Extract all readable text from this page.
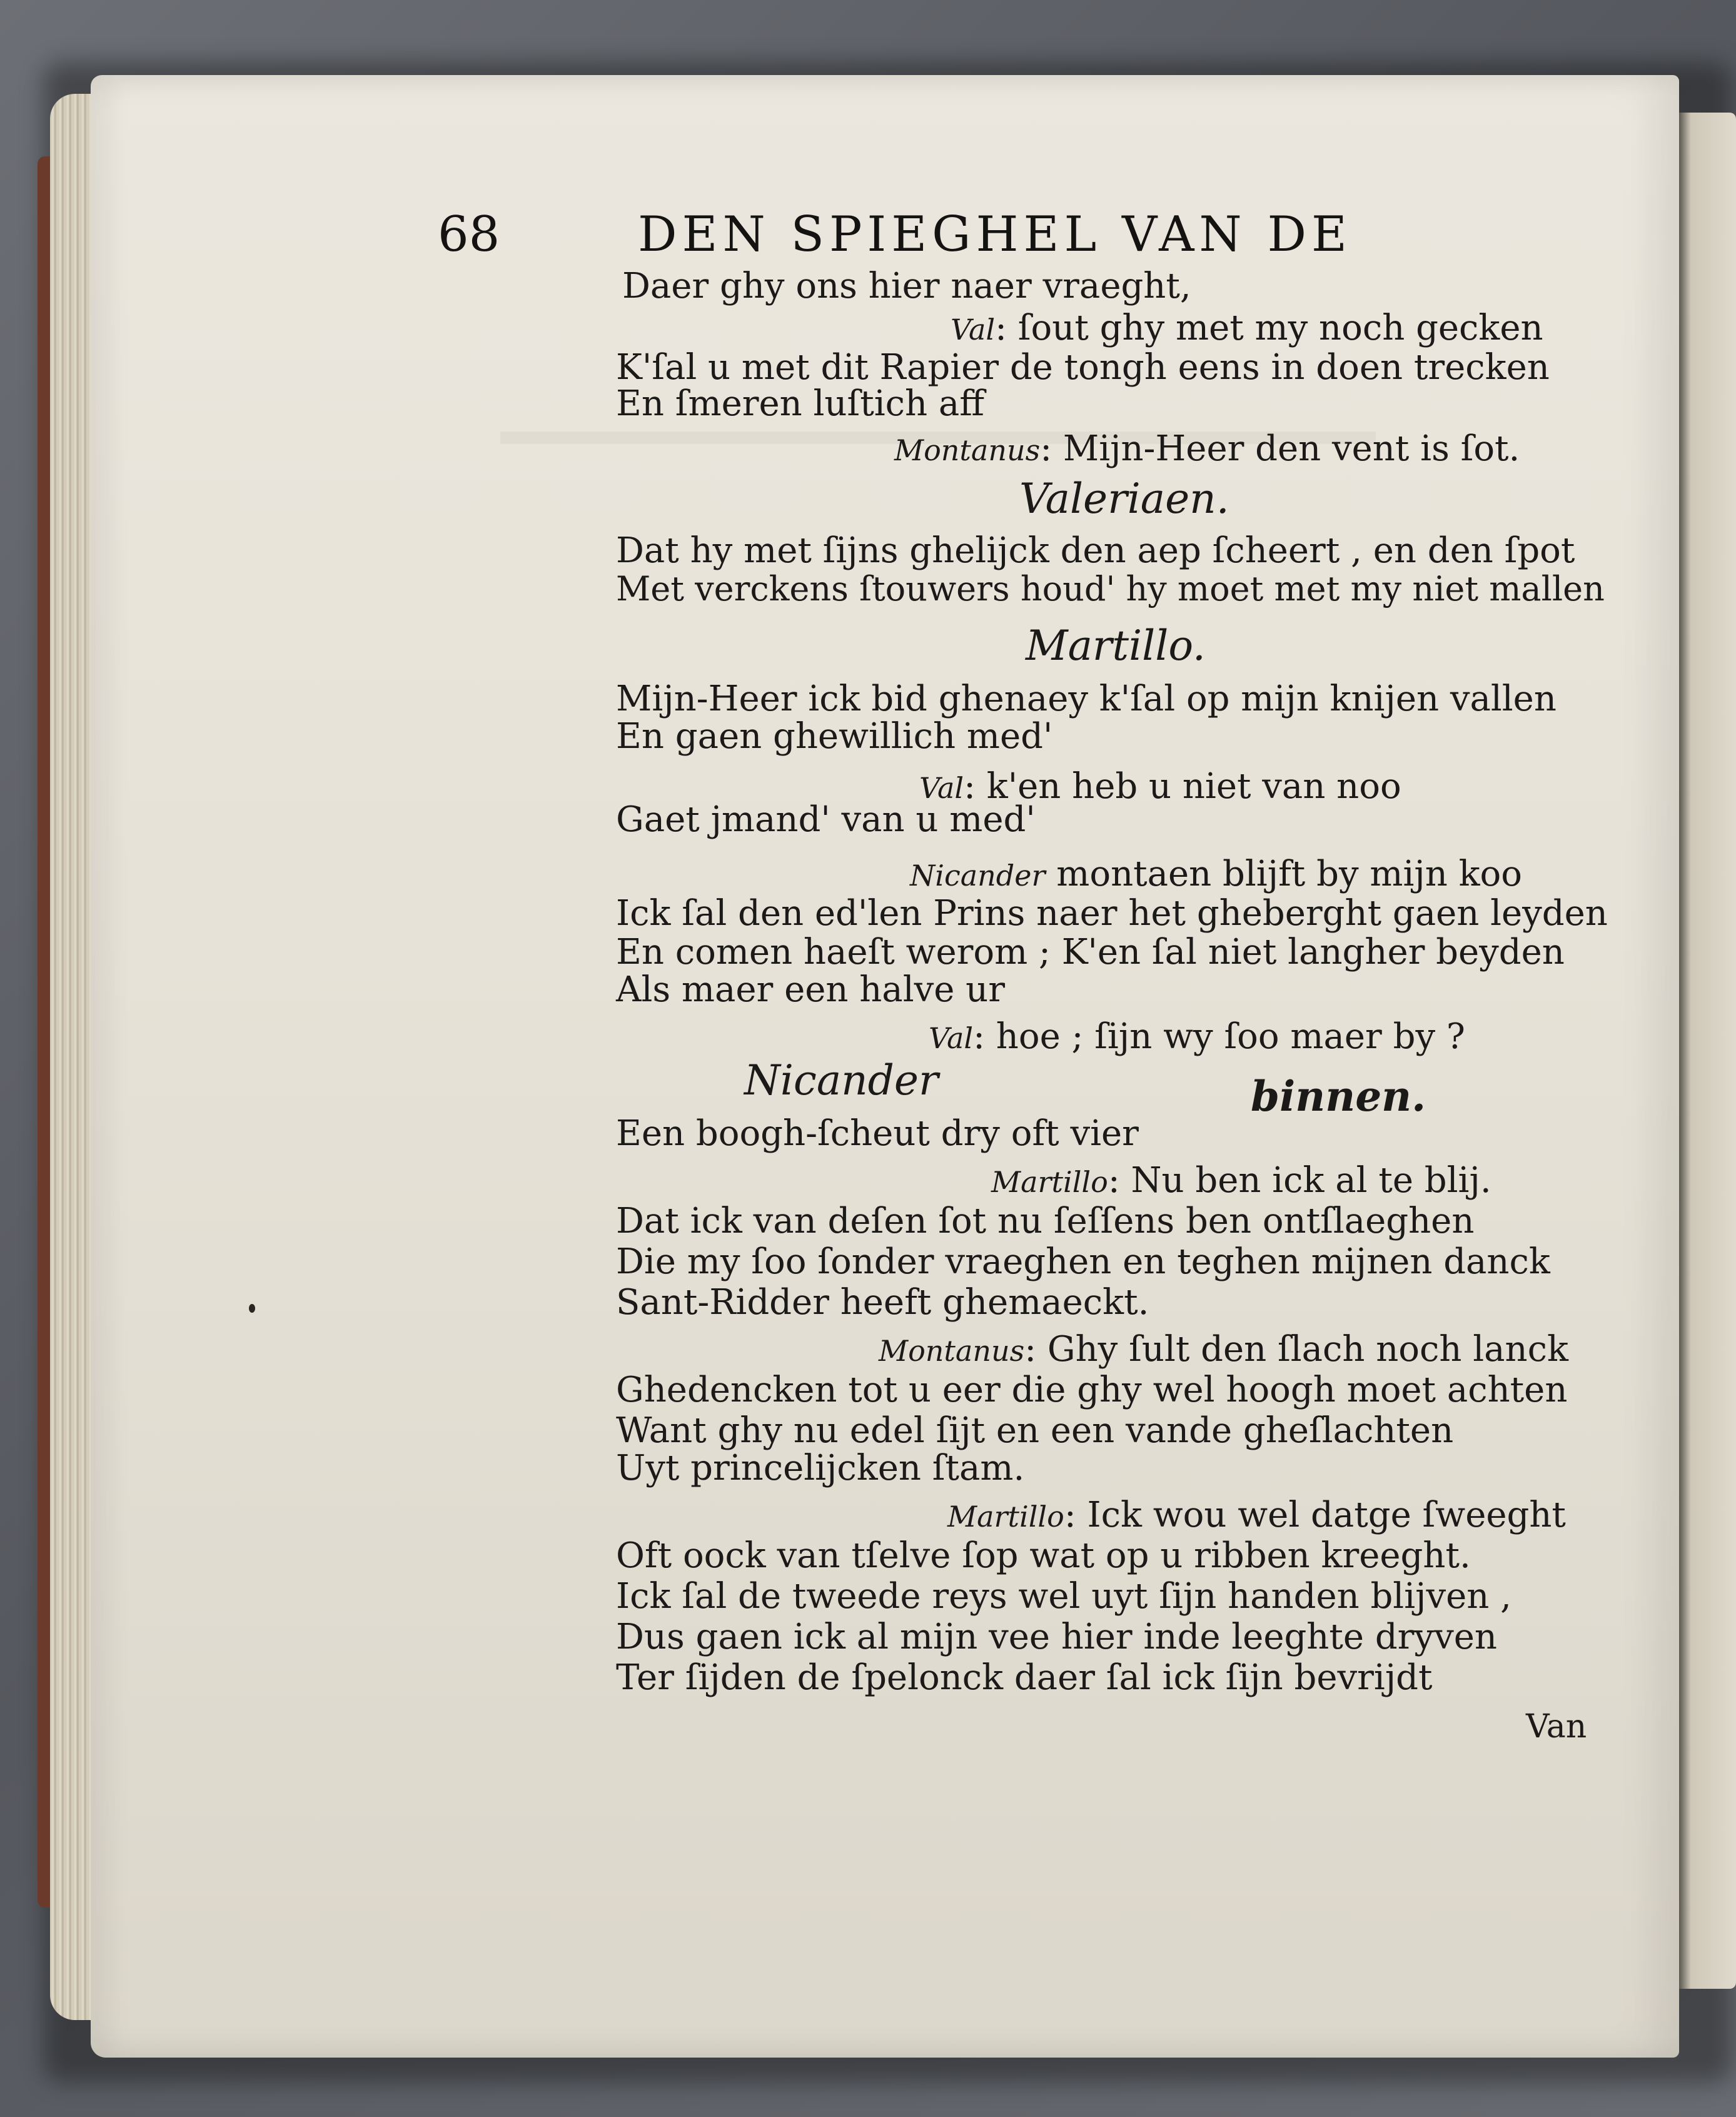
68	DEN SPIEGHEL VAN DE
Daer ghy ons hier naer vraeght,
Val: ſout ghy met my noch gecken
K'ſal u met dit Rapier de tongh eens in doen trecken
En ſmeren luſtich aff
Montanus: Mijn-Heer den vent is ſot.
Valeriaen.
Dat hy met ſijns ghelijck den aep ſcheert , en den ſpot
Met verckens ſtouwers houd' hy moet met my niet mallen
Martillo.
Mijn-Heer ick bid ghenaey k'ſal op mijn knijen vallen
En gaen ghewillich med'
Val: k'en heb u niet van noo
Gaet jmand' van u med'
Nicander montaen blijft by mijn koo
Ick ſal den ed'len Prins naer het gheberght gaen leyden
En comen haeſt werom ; K'en ſal niet langher beyden
Als maer een halve ur
Val: hoe ; ſijn wy ſoo maer by ?
Nicander	binnen.
Een boogh-ſcheut dry oft vier
Martillo: Nu ben ick al te blij.
Dat ick van deſen ſot nu ſeſſens ben ontſlaeghen
Die my ſoo ſonder vraeghen en teghen mijnen danck
Sant-Ridder heeft ghemaeckt.
Montanus: Ghy ſult den ſlach noch lanck
Ghedencken tot u eer die ghy wel hoogh moet achten
Want ghy nu edel ſijt en een vande gheſlachten
Uyt princelijcken ſtam.
Martillo: Ick wou wel datge ſweeght
Oft oock van tſelve ſop wat op u ribben kreeght.
Ick ſal de tweede reys wel uyt ſijn handen blijven ,
Dus gaen ick al mijn vee hier inde leeghte dryven
Ter ſijden de ſpelonck daer ſal ick ſijn bevrijdt
Van
